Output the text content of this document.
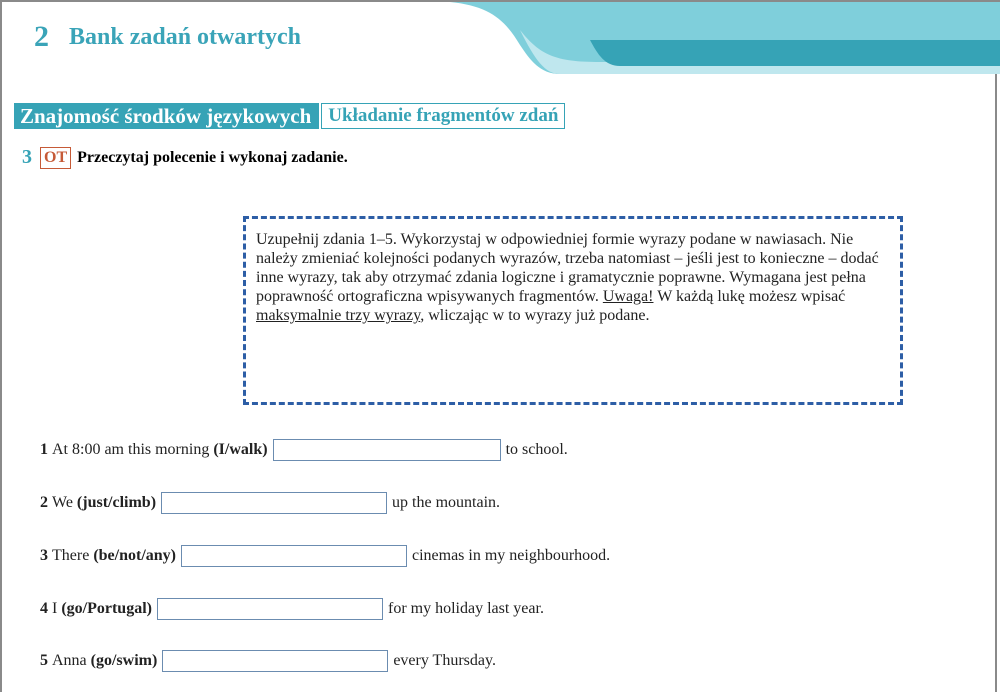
2 Bank zadań otwartych
Znajomość środków językowych Układanie fragmentów zdań
3 OT Przeczytaj polecenie i wykonaj zadanie.
Uzupełnij zdania 1–5. Wykorzystaj w odpowiedniej formie wyrazy podane w nawiasach. Nie należy zmieniać kolejności podanych wyrazów, trzeba natomiast – jeśli jest to konieczne – dodać inne wyrazy, tak aby otrzymać zdania logiczne i gramatycznie poprawne. Wymagana jest pełna poprawność ortograficzna wpisywanych fragmentów. Uwaga! W każdą lukę możesz wpisać maksymalnie trzy wyrazy, wliczając w to wyrazy już podane.
1
At 8:00 am this morning
(I/walk)	to school.
2
We
(just/climb)	up the mountain.
3
There
(be/not/any)	cinemas in my neighbourhood.
4
I
(go/Portugal)	for my holiday last year.
5
Anna
(go/swim)	every Thursday.
